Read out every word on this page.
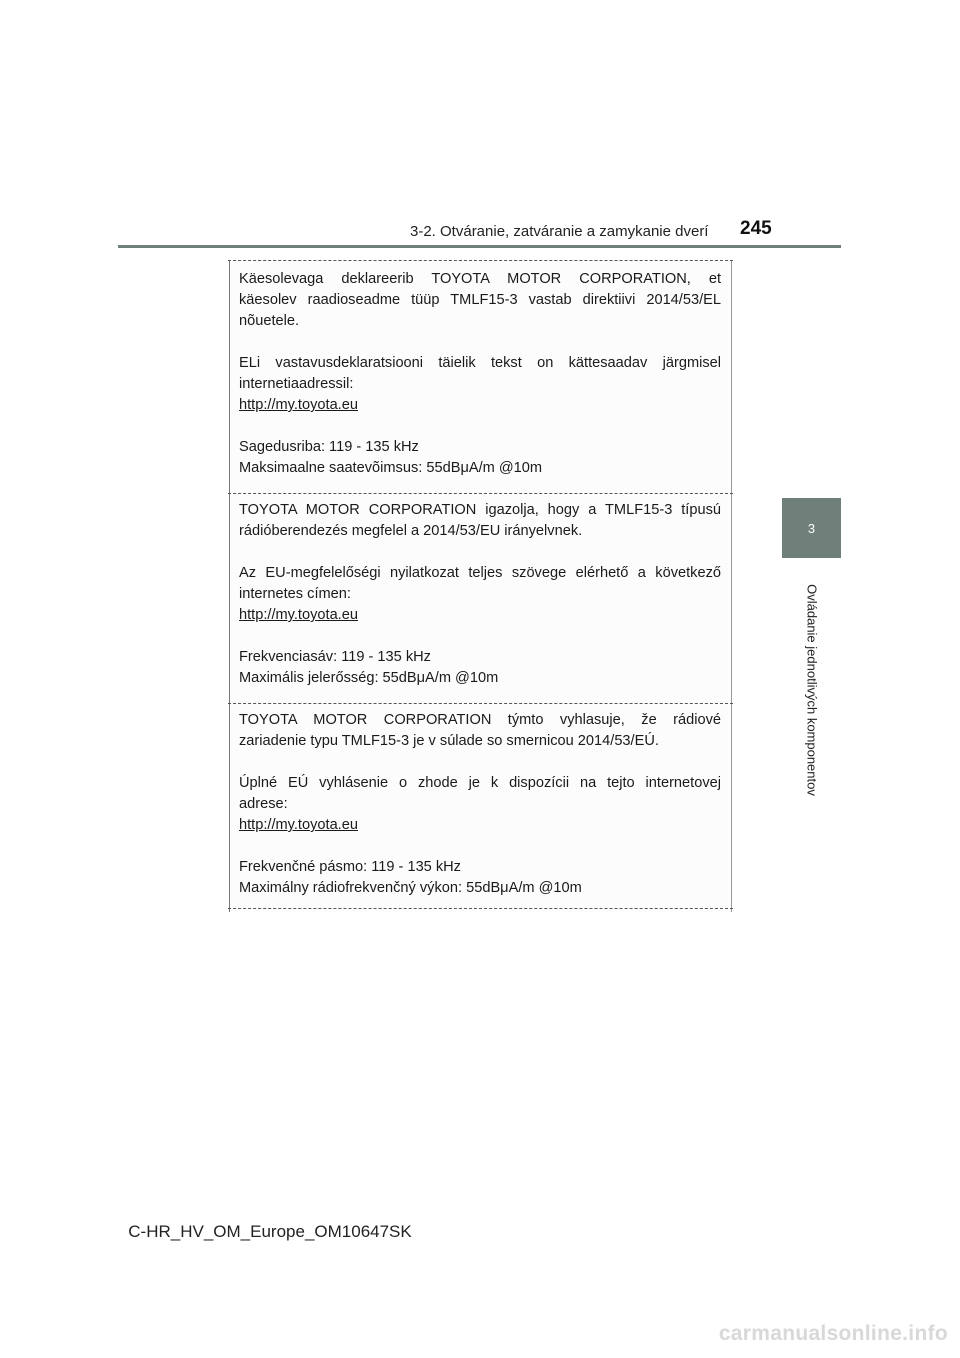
3-2. Otváranie, zatváranie a zamykanie dverí 245
3
Ovládanie jednotlivých komponentov

Käesolevaga deklareerib TOYOTA MOTOR CORPORATION, et

käesolev raadioseadme tüüp TMLF15-3 vastab direktiivi 2014/53/EL

nõuetele.

ELi vastavusdeklaratsiooni täielik tekst on kättesaadav järgmisel

internetiaadressil:

http://my.toyota.eu

Sagedusriba: 119 - 135 kHz

Maksimaalne saatevõimsus: 55dBμA/m @10m

TOYOTA MOTOR CORPORATION igazolja, hogy a TMLF15-3 típusú

rádióberendezés megfelel a 2014/53/EU irányelvnek.

Az EU-megfelelőségi nyilatkozat teljes szövege elérhető a következő

internetes címen:

http://my.toyota.eu

Frekvenciasáv: 119 - 135 kHz

Maximális jelerősség: 55dBμA/m @10m

TOYOTA MOTOR CORPORATION týmto vyhlasuje, že rádiové

zariadenie typu TMLF15-3 je v súlade so smernicou 2014/53/EÚ.

Úplné EÚ vyhlásenie o zhode je k dispozícii na tejto internetovej

adrese:

http://my.toyota.eu

Frekvenčné pásmo: 119 - 135 kHz

Maximálny rádiofrekvenčný výkon: 55dBμA/m @10m

C-HR_HV_OM_Europe_OM10647SK
carmanualsonline.info
